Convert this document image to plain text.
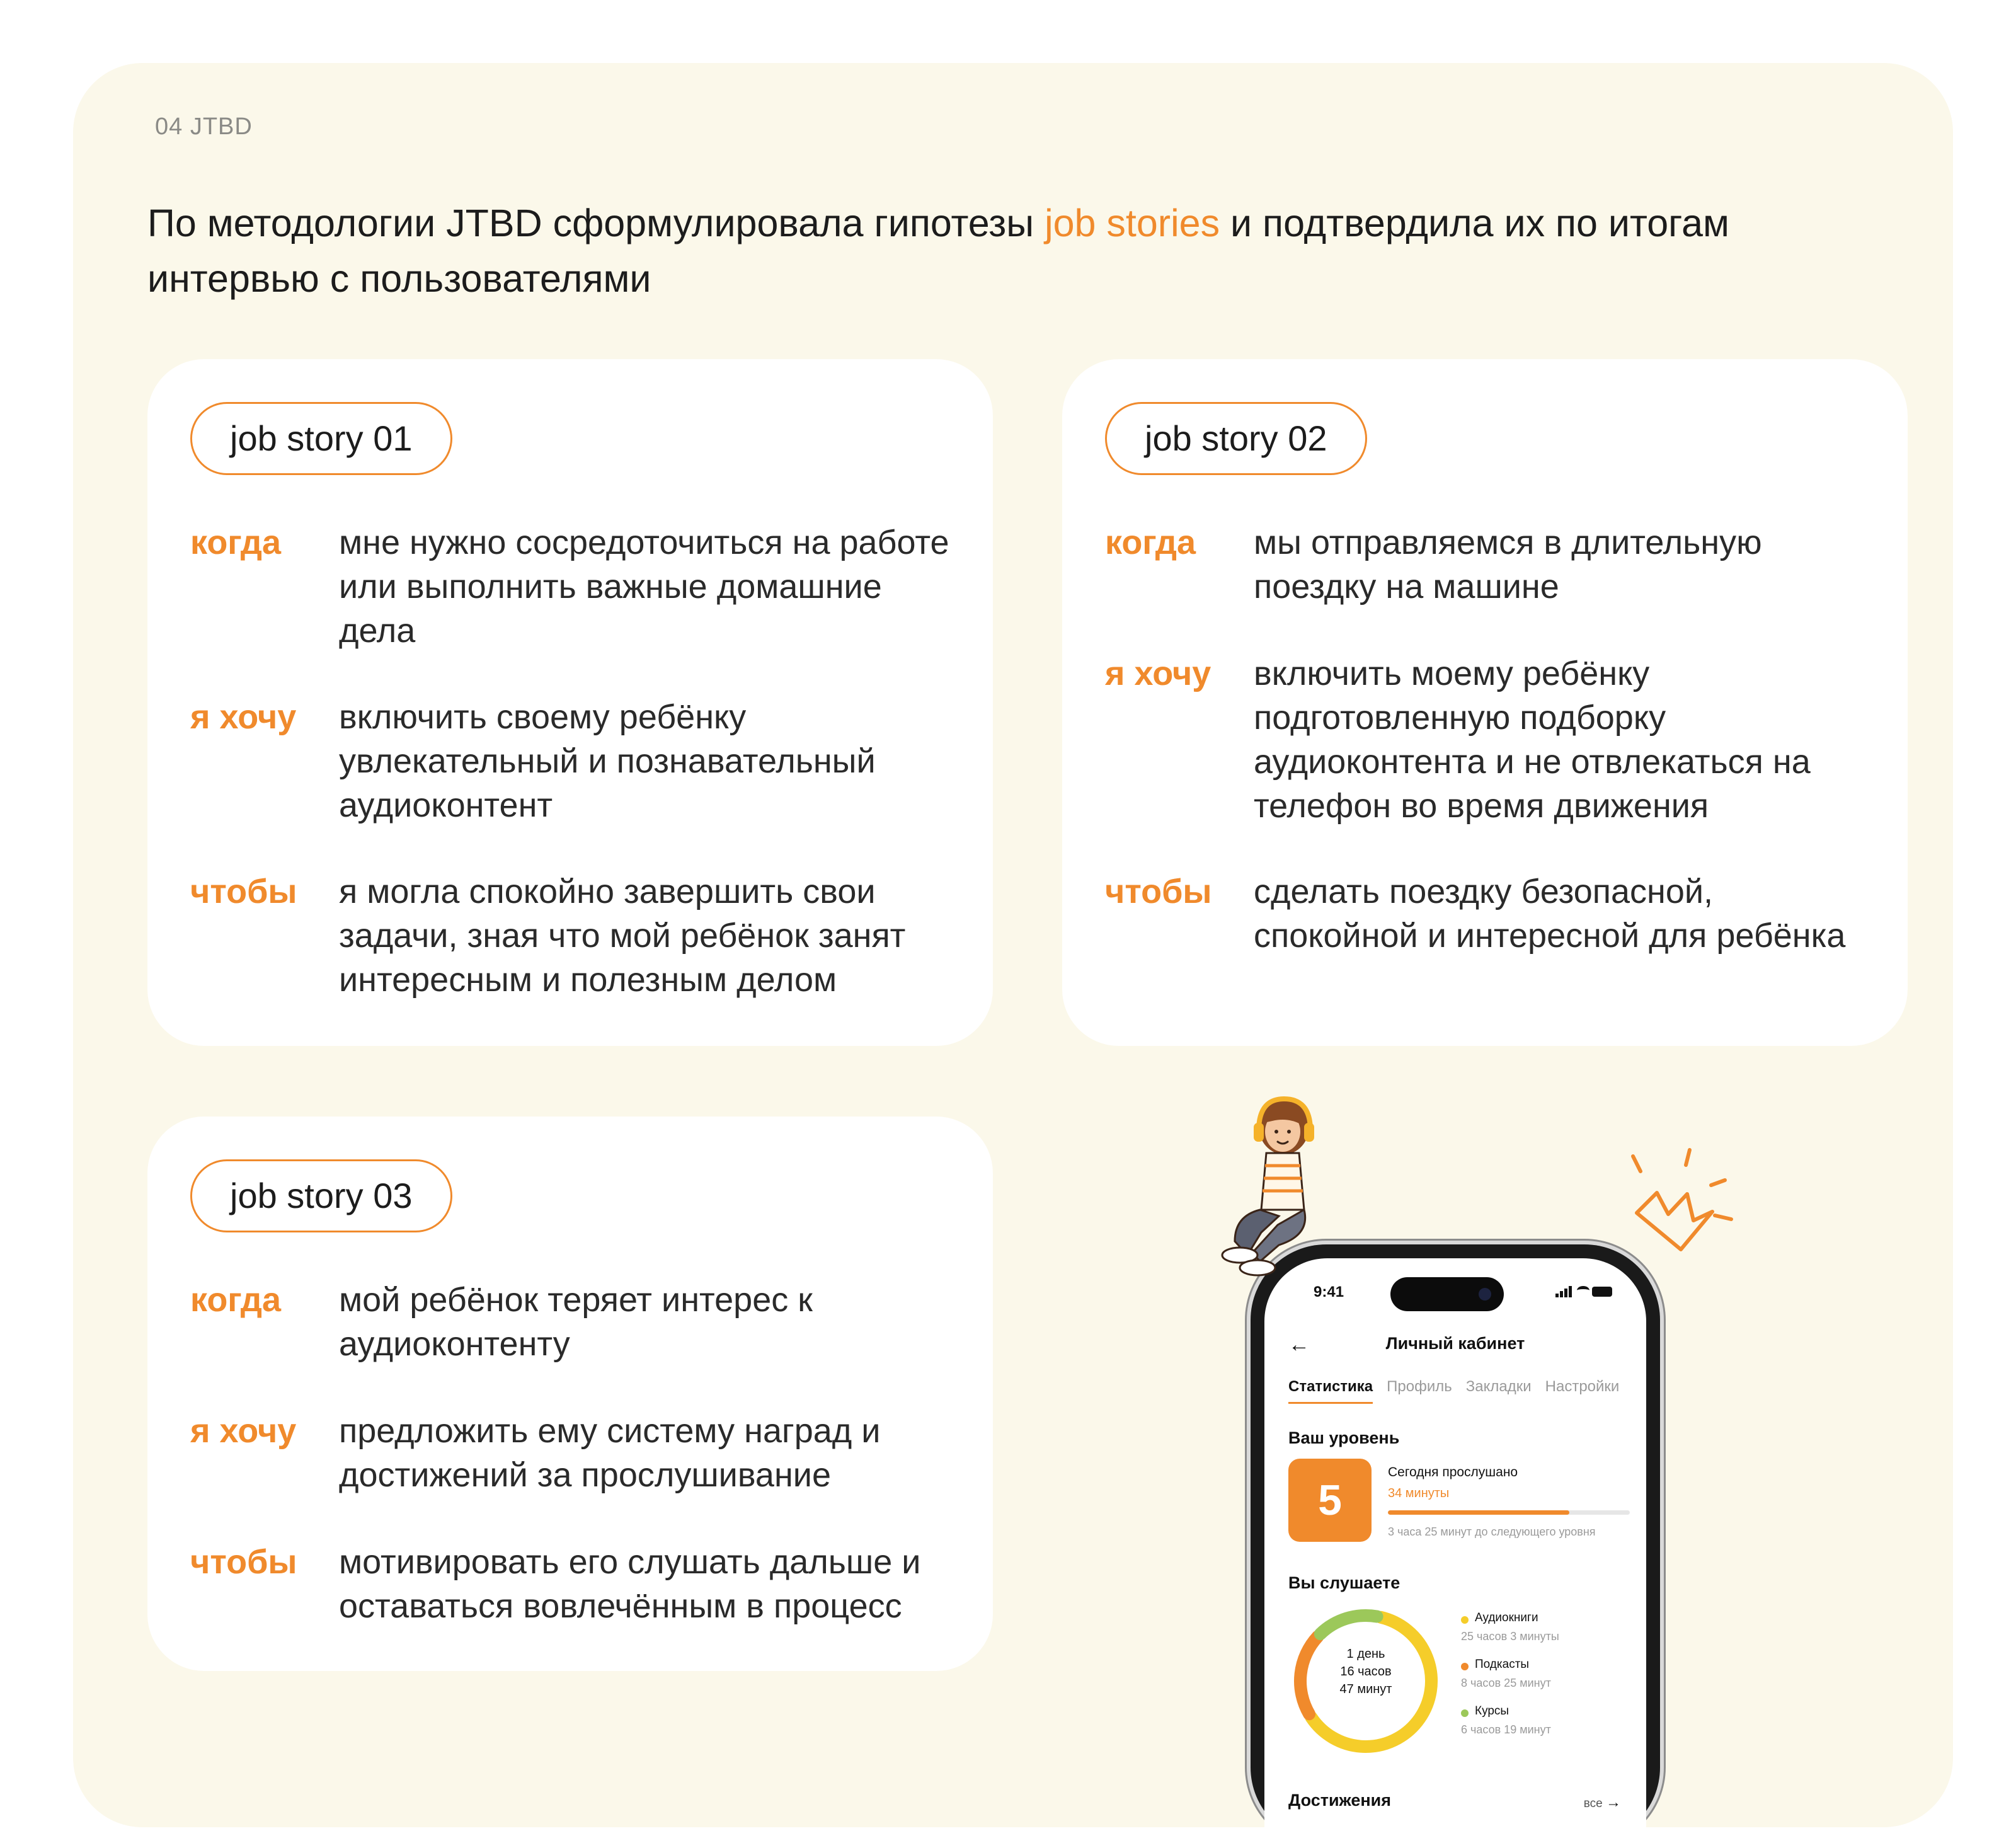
04 JTBD
По методологии JTBD сформулировала гипотезы job stories и подтвердила их по итогам интервью с пользователями
job story 01
когда мне нужно сосредоточиться на работе или выполнить важные домашние дела
я хочу включить своему ребёнку увлекательный и познавательный аудиоконтент
чтобы я могла спокойно завершить свои задачи, зная что мой ребёнок занят интересным и полезным делом
job story 02
когда мы отправляемся в длительную поездку на машине
я хочу включить моему ребёнку подготовленную подборку аудиоконтента и не отвлекаться на телефон во время движения
чтобы сделать поездку безопасной, спокойной и интересной для ребёнка
job story 03
когда мой ребёнок теряет интерес к аудиоконтенту
я хочу предложить ему систему наград и достижений за прослушивание
чтобы мотивировать его слушать дальше и оставаться вовлечённым в процесс
9:41
←	Личный кабинет
Статистика Профиль Закладки Настройки
Ваш уровень
5
Сегодня прослушано
34 минуты
3 часа 25 минут до следующего уровня
Вы слушаете
1 день
16 часов
47 минут
Аудиокниги
25 часов 3 минуты
Подкасты
8 часов 25 минут
Курсы
6 часов 19 минут
Достижения	все →
